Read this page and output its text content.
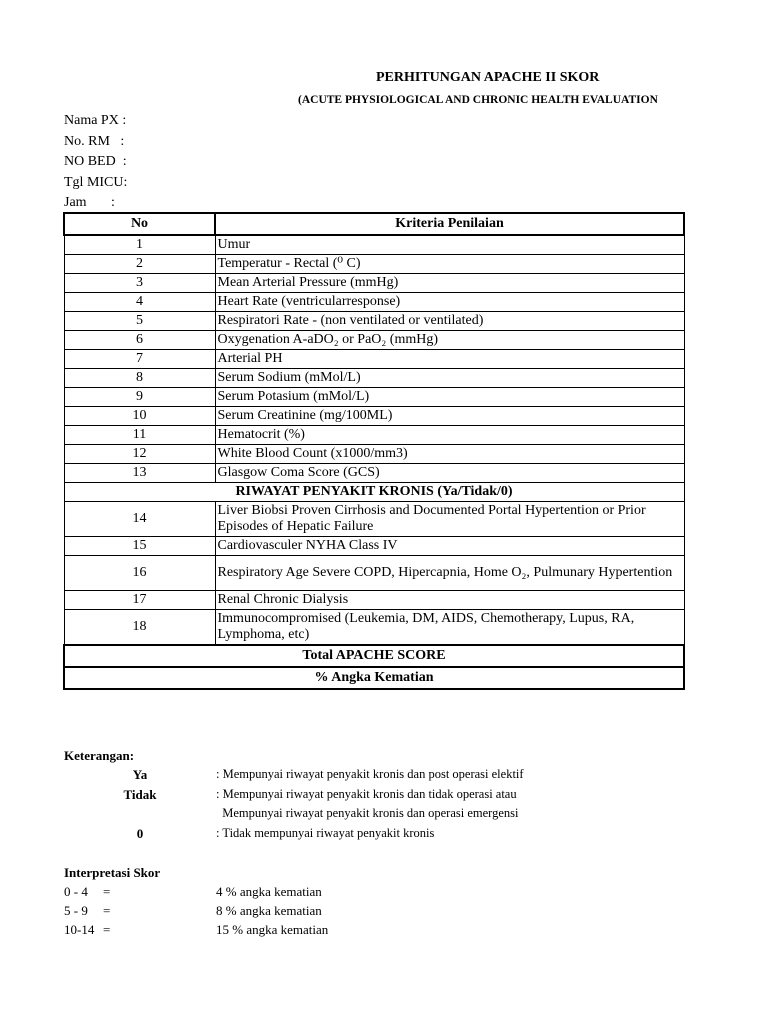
PERHITUNGAN APACHE II SKOR
(ACUTE PHYSIOLOGICAL AND CHRONIC HEALTH EVALUATION
Nama PX :
No. RM   :
NO BED  :
Tgl MICU:
Jam       :
No	Kriteria Penilaian
1	Umur
2	Temperatur - Rectal (⁰ C)
3	Mean Arterial Pressure (mmHg)
4	Heart Rate (ventricularresponse)
5	Respiratori Rate - (non ventilated or ventilated)
6	Oxygenation A-aDO₂ or PaO₂ (mmHg)
7	Arterial PH
8	Serum Sodium (mMol/L)
9	Serum Potasium (mMol/L)
10	Serum Creatinine (mg/100ML)
11	Hematocrit (%)
12	White Blood Count (x1000/mm3)
13	Glasgow Coma Score (GCS)
RIWAYAT PENYAKIT KRONIS (Ya/Tidak/0)	
14	Liver Biobsi Proven Cirrhosis and Documented Portal Hypertention or Prior Episodes of Hepatic Failure
15	Cardiovasculer NYHA Class IV
16	Respiratory Age Severe COPD, Hipercapnia, Home O₂, Pulmunary Hypertention
17	Renal Chronic Dialysis
18	Immunocompromised (Leukemia, DM, AIDS, Chemotherapy, Lupus, RA, Lymphoma, etc)
Total APACHE SCORE	
% Angka Kematian	
Keterangan:
Ya	: Mempunyai riwayat penyakit kronis dan post operasi elektif
Tidak	: Mempunyai riwayat penyakit kronis dan tidak operasi atau
Mempunyai riwayat penyakit kronis dan operasi emergensi
0	: Tidak mempunyai riwayat penyakit kronis
Interpretasi Skor
0 - 4 =	4 % angka kematian
5 - 9 =	8 % angka kematian
10-14 =	15 % angka kematian
